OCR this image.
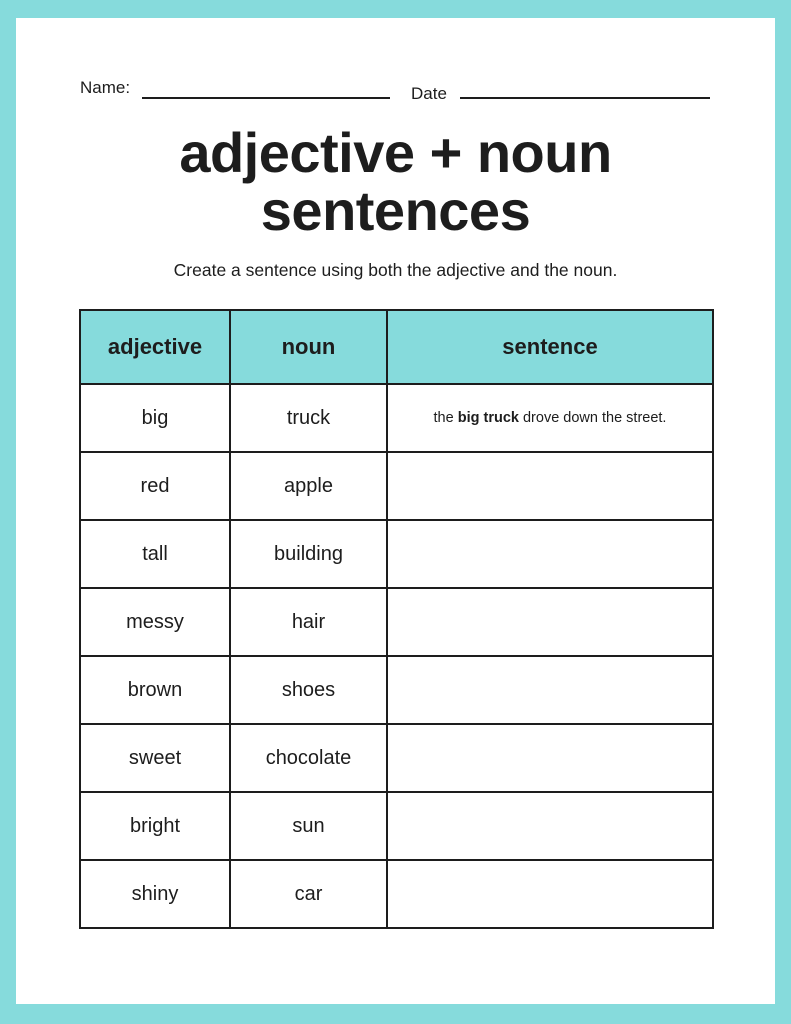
Name:	Date
adjective + noun
sentences
Create a sentence using both the adjective and the noun.
adjective	noun	sentence
big	truck	the big truck drove down the street.
red	apple	
tall	building	
messy	hair	
brown	shoes	
sweet	chocolate	
bright	sun	
shiny	car	
